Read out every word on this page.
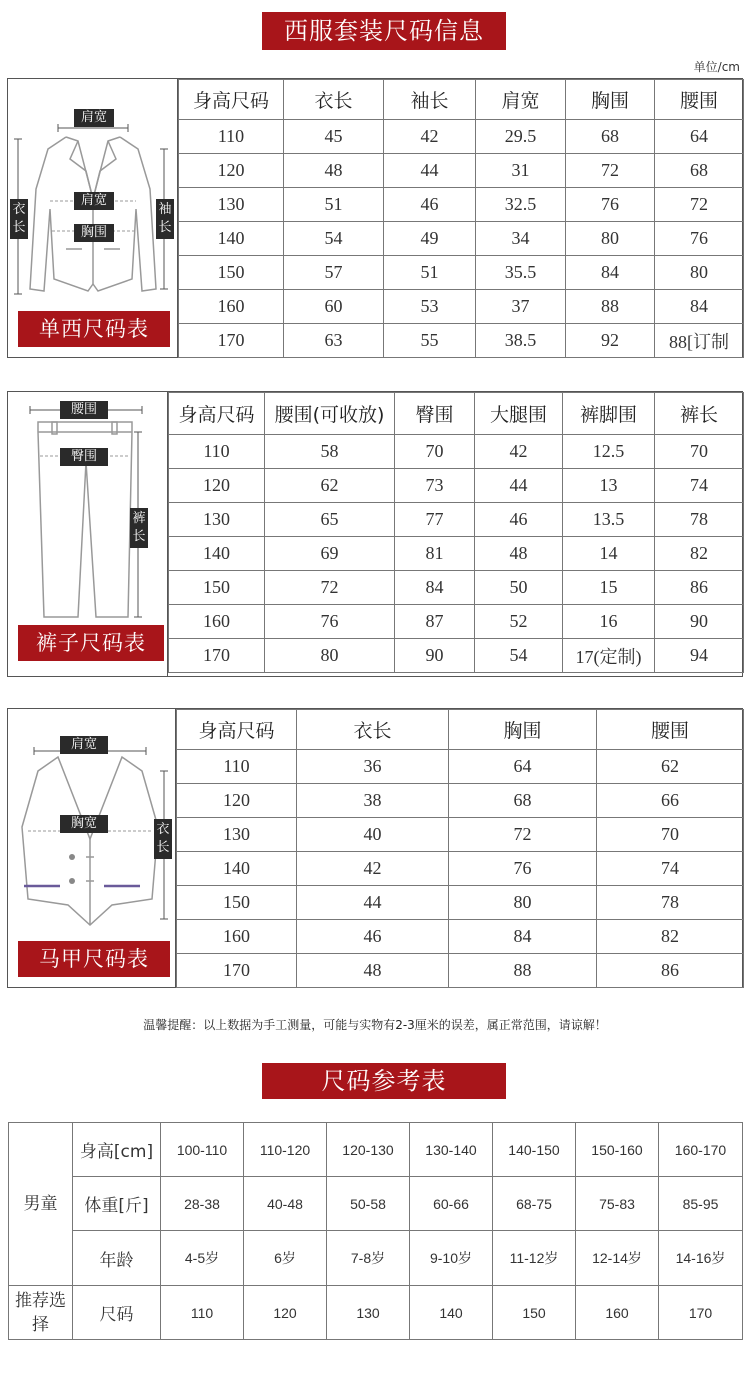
西服套装尺码信息
单位/cm
肩宽
肩宽
胸围
衣长
袖长
单西尺码表
身高尺码	衣长	袖长	肩宽	胸围	腰围
110	45	42	29.5	68	64
120	48	44	31	72	68
130	51	46	32.5	76	72
140	54	49	34	80	76
150	57	51	35.5	84	80
160	60	53	37	88	84
170	63	55	38.5	92	88[订制
腰围
臀围
裤长
裤子尺码表
身高尺码	腰围(可收放)	臀围	大腿围	裤脚围	裤长
110	58	70	42	12.5	70
120	62	73	44	13	74
130	65	77	46	13.5	78
140	69	81	48	14	82
150	72	84	50	15	86
160	76	87	52	16	90
170	80	90	54	17(定制)	94
肩宽
胸宽	衣长
马甲尺码表
身高尺码	衣长	胸围	腰围
110	36	64	62
120	38	68	66
130	40	72	70
140	42	76	74
150	44	80	78
160	46	84	82
170	48	88	86
温馨提醒：以上数据为手工测量，可能与实物有2-3厘米的误差，属正常范围，请谅解！
尺码参考表
男童	身高[cm]	100-110	110-120	120-130	130-140	140-150	150-160	160-170
	体重[斤]	28-38	40-48	50-58	60-66	68-75	75-83	85-95
	年龄	4-5岁	6岁	7-8岁	9-10岁	11-12岁	12-14岁	14-16岁
推荐选择	尺码	110	120	130	140	150	160	170
